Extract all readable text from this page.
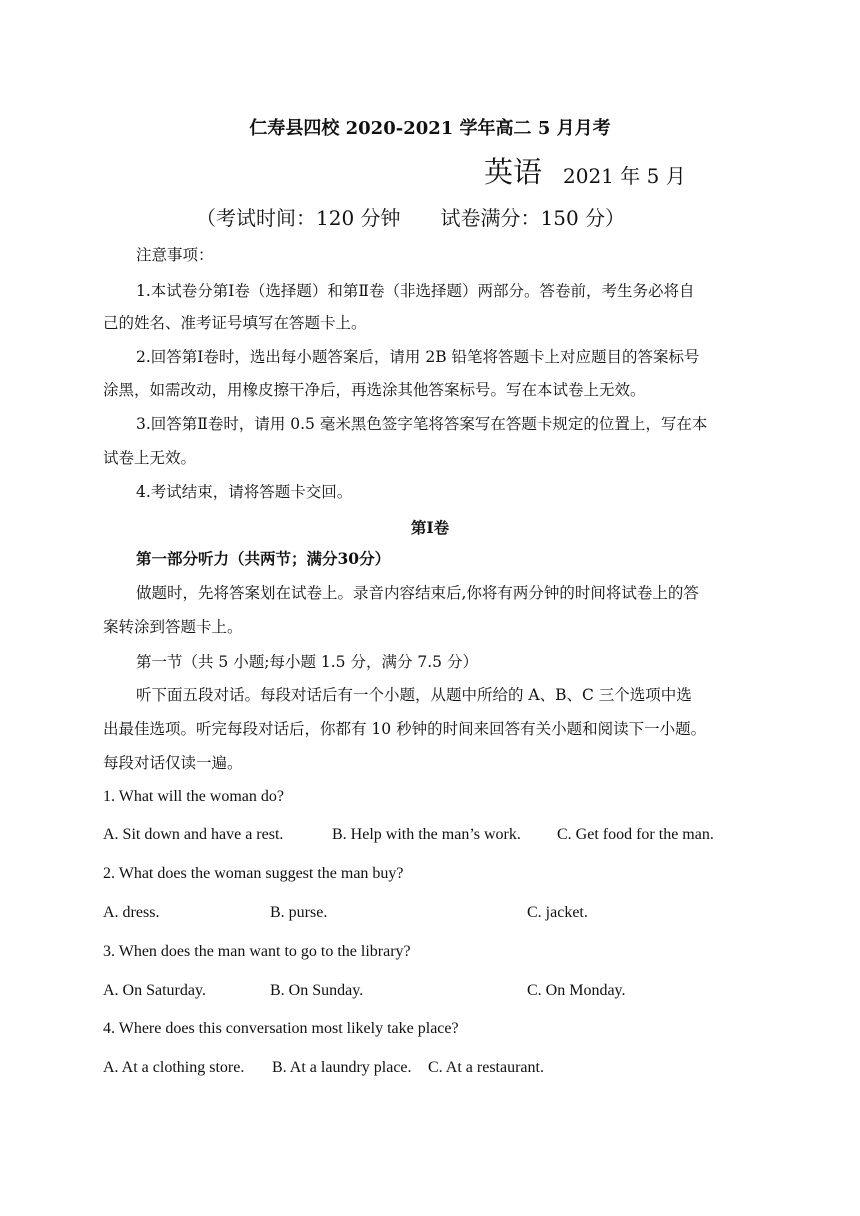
仁寿县四校 2020-2021 学年高二 5 月月考
英语 2021 年 5 月
（考试时间：120 分钟 试卷满分：150 分）
注意事项：
1.本试卷分第Ⅰ卷（选择题）和第Ⅱ卷（非选择题）两部分。答卷前，考生务必将自
己的姓名、准考证号填写在答题卡上。
2.回答第Ⅰ卷时，选出每小题答案后，请用 2B 铅笔将答题卡上对应题目的答案标号
涂黑，如需改动，用橡皮擦干净后，再选涂其他答案标号。写在本试卷上无效。
3.回答第Ⅱ卷时，请用 0.5 毫米黑色签字笔将答案写在答题卡规定的位置上，写在本
试卷上无效。
4.考试结束，请将答题卡交回。
第Ⅰ卷
第一部分听力（共两节；满分30分）
做题时，先将答案划在试卷上。录音内容结束后,你将有两分钟的时间将试卷上的答
案转涂到答题卡上。
第一节（共 5 小题;每小题 1.5 分，满分 7.5 分）
听下面五段对话。每段对话后有一个小题，从题中所给的 A、B、C 三个选项中选
出最佳选项。听完每段对话后，你都有 10 秒钟的时间来回答有关小题和阅读下一小题。
每段对话仅读一遍。
1. What will the woman do?
A. Sit down and have a rest.	B. Help with the man’s work. C. Get food for the man.
2. What does the woman suggest the man buy?
A. dress.	B. purse.	C. jacket.
3. When does the man want to go to the library?
A. On Saturday.	B. On Sunday.	C. On Monday.
4. Where does this conversation most likely take place?
A. At a clothing store. B. At a laundry place. C. At a restaurant.
